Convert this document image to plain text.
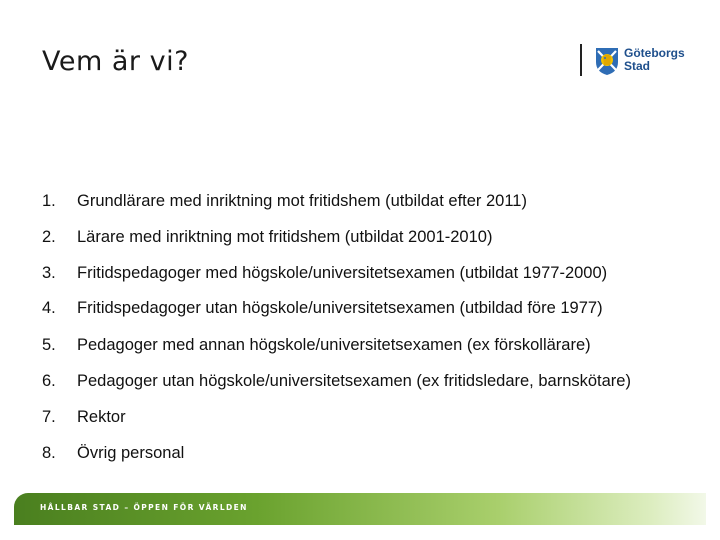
Vem är vi?	Göteborgs
Stad
1.	Grundlärare med inriktning mot fritidshem (utbildat efter 2011)
2.	Lärare med inriktning mot fritidshem (utbildat 2001-2010)
3.	Fritidspedagoger med högskole/universitetsexamen (utbildat 1977-2000)
4.	Fritidspedagoger utan högskole/universitetsexamen (utbildad före 1977)
5.	Pedagoger med annan högskole/universitetsexamen (ex förskollärare)
6.	Pedagoger utan högskole/universitetsexamen (ex fritidsledare, barnskötare)
7.	Rektor
8.	Övrig personal
HÅLLBAR STAD – ÖPPEN FÖR VÄRLDEN
